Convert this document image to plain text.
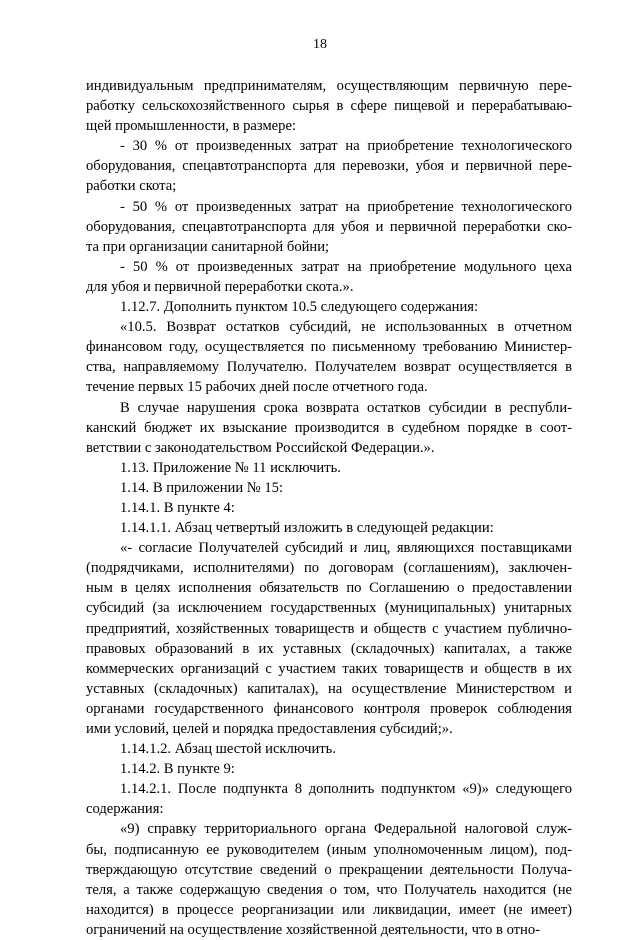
18
индивидуальным предпринимателям, осуществляющим первичную пере-
работку сельскохозяйственного сырья в сфере пищевой и перерабатываю-
щей промышленности, в размере:
- 30 % от произведенных затрат на приобретение технологического
оборудования, спецавтотранспорта для перевозки, убоя и первичной пере-
работки скота;
- 50 % от произведенных затрат на приобретение технологического
оборудования, спецавтотранспорта для убоя и первичной переработки ско-
та при организации санитарной бойни;
- 50 % от произведенных затрат на приобретение модульного цеха
для убоя и первичной переработки скота.».
1.12.7. Дополнить пунктом 10.5 следующего содержания:
«10.5. Возврат остатков субсидий, не использованных в отчетном
финансовом году, осуществляется по письменному требованию Министер-
ства, направляемому Получателю. Получателем возврат осуществляется в
течение первых 15 рабочих дней после отчетного года.
В случае нарушения срока возврата остатков субсидии в республи-
канский бюджет их взыскание производится в судебном порядке в соот-
ветствии с законодательством Российской Федерации.».
1.13. Приложение № 11 исключить.
1.14. В приложении № 15:
1.14.1. В пункте 4:
1.14.1.1. Абзац четвертый изложить в следующей редакции:
«- согласие Получателей субсидий и лиц, являющихся поставщиками
(подрядчиками, исполнителями) по договорам (соглашениям), заключен-
ным в целях исполнения обязательств по Соглашению о предоставлении
субсидий (за исключением государственных (муниципальных) унитарных
предприятий, хозяйственных товариществ и обществ с участием публично-
правовых образований в их уставных (складочных) капиталах, а также
коммерческих организаций с участием таких товариществ и обществ в их
уставных (складочных) капиталах), на осуществление Министерством и
органами государственного финансового контроля проверок соблюдения
ими условий, целей и порядка предоставления субсидий;».
1.14.1.2. Абзац шестой исключить.
1.14.2. В пункте 9:
1.14.2.1. После подпункта 8 дополнить подпунктом «9)» следующего
содержания:
«9) справку территориального органа Федеральной налоговой служ-
бы, подписанную ее руководителем (иным уполномоченным лицом), под-
тверждающую отсутствие сведений о прекращении деятельности Получа-
теля, а также содержащую сведения о том, что Получатель находится (не
находится) в процессе реорганизации или ликвидации, имеет (не имеет)
ограничений на осуществление хозяйственной деятельности, что в отно-
